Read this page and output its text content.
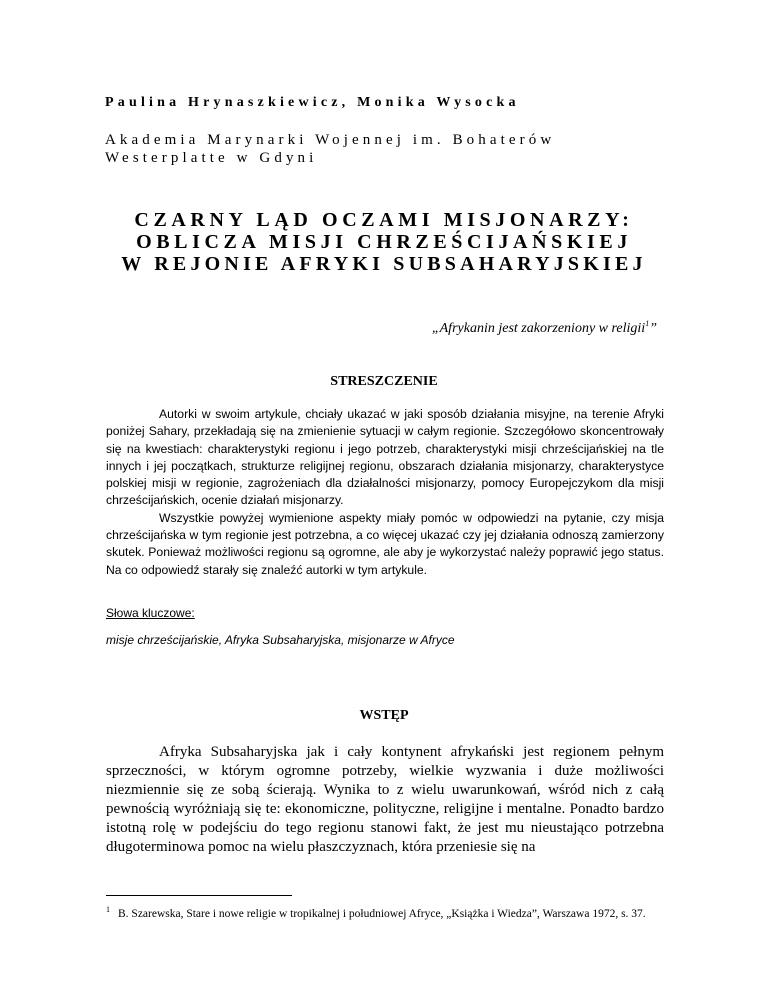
Paulina Hrynaszkiewicz, Monika Wysocka
Akademia Marynarki Wojennej im. Bohaterów
Westerplatte w Gdyni
CZARNY LĄD OCZAMI MISJONARZY:
OBLICZA MISJI CHRZEŚCIJAŃSKIEJ
W REJONIE AFRYKI SUBSAHARYJSKIEJ
„Afrykanin jest zakorzeniony w religii$^1$”
STRESZCZENIE

Autorki w swoim artykule, chciały ukazać w jaki sposób działania misyjne, na terenie Afryki poniżej Sahary, przekładają się na zmienienie sytuacji w całym regionie. Szczegółowo skoncentrowały się na kwestiach: charakterystyki regionu i jego potrzeb, charakterystyki misji chrześcijańskiej na tle innych i jej początkach, strukturze religijnej regionu, obszarach działania misjonarzy, charakterystyce polskiej misji w regionie, zagrożeniach dla działalności misjonarzy, pomocy Europejczykom dla misji chrześcijańskich, ocenie działań misjonarzy.

Wszystkie powyżej wymienione aspekty miały pomóc w odpowiedzi na pytanie, czy misja chrześcijańska w tym regionie jest potrzebna, a co więcej ukazać czy jej działania odnoszą zamierzony skutek. Ponieważ możliwości regionu są ogromne, ale aby je wykorzystać należy poprawić jego status. Na co odpowiedź starały się znaleźć autorki w tym artykule.

Słowa kluczowe:
misje chrześcijańskie, Afryka Subsaharyjska, misjonarze w Afryce
WSTĘP

Afryka Subsaharyjska jak i cały kontynent afrykański jest regionem pełnym sprzeczności, w którym ogromne potrzeby, wielkie wyzwania i duże możliwości niezmiennie się ze sobą ścierają. Wynika to z wielu uwarunkowań, wśród nich z całą pewnością wyróżniają się te: ekonomiczne, polityczne, religijne i mentalne. Ponadto bardzo istotną rolę w podejściu do tego regionu stanowi fakt, że jest mu nieustająco potrzebna długoterminowa pomoc na wielu płaszczyznach, która przeniesie się na

$^1$ B. Szarewska, Stare i nowe religie w tropikalnej i południowej Afryce, „Książka i Wiedza”, Warszawa 1972, s. 37.
